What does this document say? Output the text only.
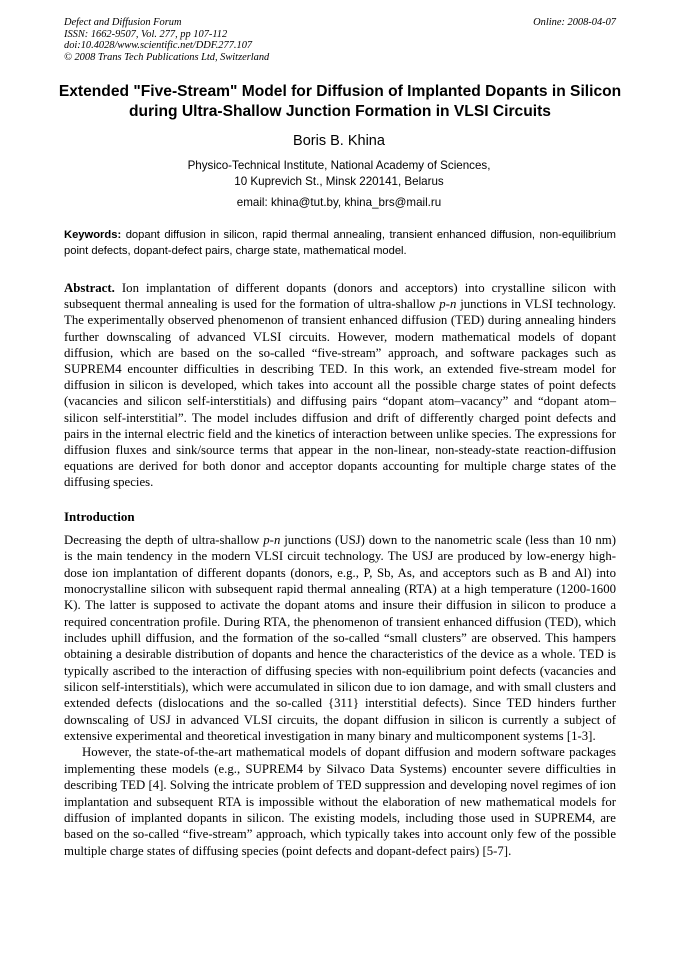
Defect and Diffusion Forum
ISSN: 1662-9507, Vol. 277, pp 107-112
doi:10.4028/www.scientific.net/DDF.277.107
© 2008 Trans Tech Publications Ltd, Switzerland
Online: 2008-04-07
Extended "Five-Stream" Model for Diffusion of Implanted Dopants in Silicon during Ultra-Shallow Junction Formation in VLSI Circuits
Boris B. Khina
Physico-Technical Institute, National Academy of Sciences,
10 Kuprevich St., Minsk 220141, Belarus
email: khina@tut.by, khina_brs@mail.ru
Keywords: dopant diffusion in silicon, rapid thermal annealing, transient enhanced diffusion, non-equilibrium point defects, dopant-defect pairs, charge state, mathematical model.
Abstract. Ion implantation of different dopants (donors and acceptors) into crystalline silicon with subsequent thermal annealing is used for the formation of ultra-shallow p-n junctions in VLSI technology. The experimentally observed phenomenon of transient enhanced diffusion (TED) during annealing hinders further downscaling of advanced VLSI circuits. However, modern mathematical models of dopant diffusion, which are based on the so-called “five-stream” approach, and software packages such as SUPREM4 encounter difficulties in describing TED. In this work, an extended five-stream model for diffusion in silicon is developed, which takes into account all the possible charge states of point defects (vacancies and silicon self-interstitials) and diffusing pairs “dopant atom–vacancy” and “dopant atom–silicon self-interstitial”. The model includes diffusion and drift of differently charged point defects and pairs in the internal electric field and the kinetics of interaction between unlike species. The expressions for diffusion fluxes and sink/source terms that appear in the non-linear, non-steady-state reaction-diffusion equations are derived for both donor and acceptor dopants accounting for multiple charge states of the diffusing species.
Introduction

Decreasing the depth of ultra-shallow p-n junctions (USJ) down to the nanometric scale (less than 10 nm) is the main tendency in the modern VLSI circuit technology. The USJ are produced by low-energy high-dose ion implantation of different dopants (donors, e.g., P, Sb, As, and acceptors such as B and Al) into monocrystalline silicon with subsequent rapid thermal annealing (RTA) at a high temperature (1200-1600 K). The latter is supposed to activate the dopant atoms and insure their diffusion in silicon to produce a required concentration profile. During RTA, the phenomenon of transient enhanced diffusion (TED), which includes uphill diffusion, and the formation of the so-called “small clusters” are observed. This hampers obtaining a desirable distribution of dopants and hence the characteristics of the device as a whole. TED is typically ascribed to the interaction of diffusing species with non-equilibrium point defects (vacancies and silicon self-interstitials), which were accumulated in silicon due to ion damage, and with small clusters and extended defects (dislocations and the so-called {311} interstitial defects). Since TED hinders further downscaling of USJ in advanced VLSI circuits, the dopant diffusion in silicon is currently a subject of extensive experimental and theoretical investigation in many binary and multicomponent systems [1-3].

However, the state-of-the-art mathematical models of dopant diffusion and modern software packages implementing these models (e.g., SUPREM4 by Silvaco Data Systems) encounter severe difficulties in describing TED [4]. Solving the intricate problem of TED suppression and developing novel regimes of ion implantation and subsequent RTA is impossible without the elaboration of new mathematical models for diffusion of implanted dopants in silicon. The existing models, including those used in SUPREM4, are based on the so-called “five-stream” approach, which typically takes into account only few of the possible multiple charge states of diffusing species (point defects and dopant-defect pairs) [5-7].
